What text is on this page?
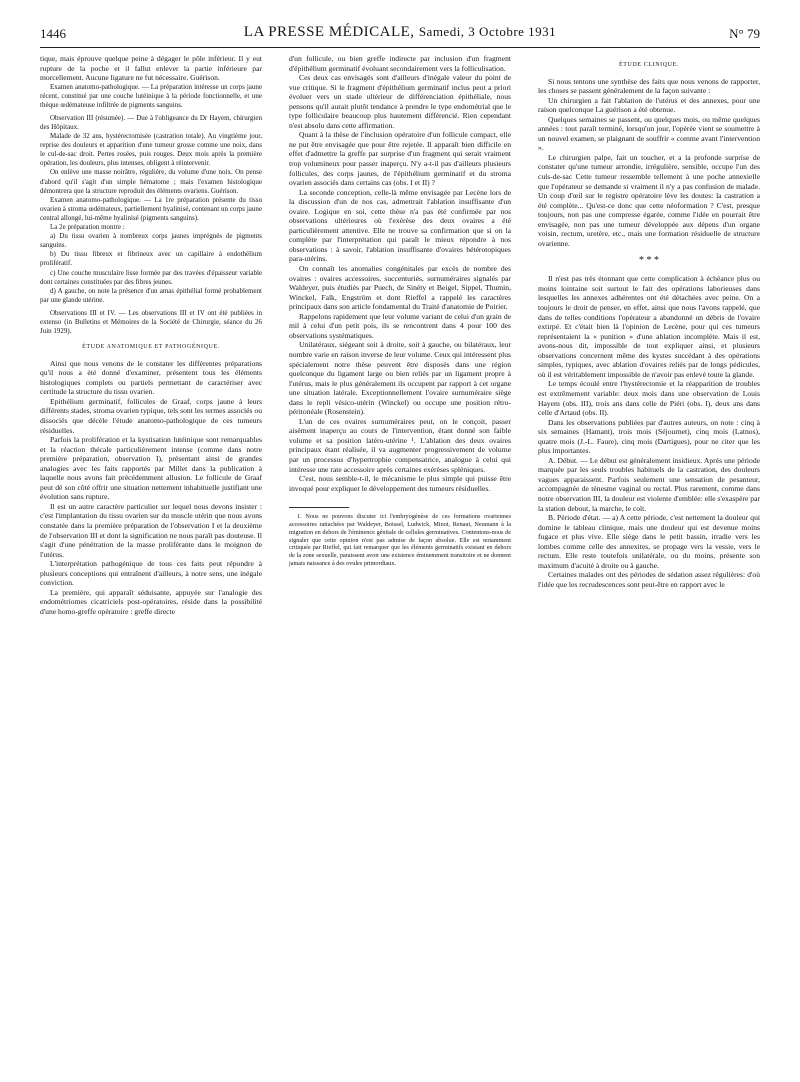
1446	LA PRESSE MÉDICALE, Samedi, 3 Octobre 1931	N° 79

tique, mais éprouve quelque peine à dégager le pôle inférieur. Il y eut rupture de la poche et il fallut enlever la partie inférieure par morcellement. Aucune ligature ne fut nécessaire. Guérison.

Examen anatomo-pathologique. — La préparation intéresse un corps jaune récent, constitué par une couche lutéinique à la période fonctionnelle, et une thèque œdémateuse infiltrée de pigments sanguins.

Observation III (résumée). — Due à l'obligeance du Dr Hayem, chirurgien des Hôpitaux.

Malade de 32 ans, hystérectomisée (castration totale). Au vingtième jour, reprise des douleurs et apparition d'une tumeur grosse comme une noix, dans le cul-de-sac droit. Pertes rosées, puis rouges. Deux mois après la première opération, les douleurs, plus intenses, obligent à réintervenir.

On enlève une masse noirâtre, régulière, du volume d'une noix. On pense d'abord qu'il s'agit d'un simple hématome ; mais l'examen histologique démontrera que la structure reproduit des éléments ovariens. Guérison.

Examen anatomo-pathologique. — La 1re préparation présente du tissu ovarien à stroma œdémateux, partiellement hyalinisé, contenant un corps jaune central allongé, lui-même hyalinisé (pigments sanguins).

La 2e préparation montre :

a) Du tissu ovarien à nombreux corps jaunes imprégnés de pigments sanguins.

b) Du tissu fibreux et fibrineux avec un capillaire à endothélium prolifératif.

c) Une couche musculaire lisse formée par des travées d'épaisseur variable dont certaines constituées par des fibres jeunes.

d) A gauche, on note la présence d'un amas épithélial formé probablement par une glande utérine.

Observations III et IV. — Les observations III et IV ont été publiées in extenso (in Bulletins et Mémoires de la Société de Chirurgie, séance du 26 Juin 1929).

ÉTUDE ANATOMIQUE ET PATHOGÉNIQUE.

Ainsi que nous venons de le constater les différentes préparations qu'il nous a été donné d'examiner, présentent tous les éléments histologiques complets ou partiels permettant de caractériser avec certitude la structure du tissu ovarien.

Epithélium germinatif, follicules de Graaf, corps jaune à leurs différents stades, stroma ovarien typique, tels sont les termes associés ou dissociés que décèle l'étude anatomo-pathologique de ces tumeurs résiduelles.

Parfois la prolifération et la kystisation lutéinique sont remarquables et la réaction thécale particulièrement intense (comme dans notre première préparation, observation I), présentant ainsi de grandes analogies avec les faits rapportés par Millet dans la publication à laquelle nous avons fait précédemment allusion. Le follicule de Graaf peut dé son côté offrir une situation nettement inhabituelle justifiant une évolution sans rupture.

Il est un autre caractère particulier sur lequel nous devons insister : c'est l'implantation du tissu ovarien sur du muscle utérin que nous avons constatée dans la première préparation de l'observation I et la deuxième de l'observation III et dont la signification ne nous paraît pas douteuse. Il s'agit d'une pénétration de la masse proliférante dans le moignon de l'utérus.

L'interprétation pathogénique de tous ces faits peut répondre à plusieurs conceptions qui entraînent d'ailleurs, à notre sens, une inégale conviction.

La première, qui apparaît séduisante, appuyée sur l'analogie des endométriomes cicatriciels post-opératoires, réside dans la possibilité d'une homo-greffe opératoire : greffe directe

d'un follicule, ou bien greffe indirecte par inclusion d'un fragment d'épithélium germinatif évoluant secondairement vers la folliculisation.

Ces deux cas envisagés sont d'ailleurs d'inégale valeur du point de vue critique. Si le fragment d'épithélium germinatif inclus peut a priori évoluer vers un stade ultérieur de différenciation épithéliale, nous pensons qu'il aurait plutôt tendance à prendre le type endométrial que le type folliculaire beaucoup plus hautement différencié. Rien cependant n'est absolu dans cette affirmation.

Quant à la thèse de l'inclusion opératoire d'un follicule compact, elle ne put être envisagée que pour être rejetée. Il apparaît bien difficile en effet d'admettre la greffe par surprise d'un fragment qui serait vraiment trop volumineux pour passer inaperçu. N'y a-t-il pas d'ailleurs plusieurs follicules, des corps jaunes, de l'épithélium germinatif et du stroma ovarien associés dans certains cas (obs. I et II) ?

La seconde conception, celle-là même envisagée par Lecène lors de la discussion d'un de nos cas, admettrait l'ablation insuffisante d'un ovaire. Logique en soi, cette thèse n'a pas été confirmée par nos observations ultérieures où l'exérèse des deux ovaires a été particulièrement attentive. Elle ne trouve sa confirmation que si on la complète par l'interprétation qui paraît le mieux répondre à nos observations : à savoir, l'ablation insuffisante d'ovaires hétérotopiques para-utérins.

On connaît les anomalies congénitales par excès de nombre des ovaires : ovaires accessoires, succenturiés, surnuméraires signalés par Waldeyer, puis étudiés par Puech, de Sinéty et Beigel, Sippel, Thumin, Winckel, Falk, Engström et dont Rieffel a rappelé les caractères principaux dans son article fondamental du Traité d'anatomie de Poirier.

Rappelons rapidement que leur volume variant de celui d'un grain de mil à celui d'un petit pois, ils se rencontrent dans 4 pour 100 des observations systématiques.

Unilatéraux, siégeant soit à droite, soit à gauche, ou bilatéraux, leur nombre varie en raison inverse de leur volume. Ceux qui intéressent plus spécialement notre thèse peuvent être disposés dans une région quelconque du ligament large ou bien reliés par un ligament propre à l'utérus, mais le plus généralement ils occupent par rapport à cet organe une situation latérale. Exceptionnellement l'ovaire surnuméraire siège dans le repli vésico-utérin (Winckel) ou occupe une position rétro-péritonéale (Rosenstein).

L'un de ces ovaires surnuméraires peut, on le conçoit, passer aisément inaperçu au cours de l'intervention, étant donné son faible volume et sa position latéro-utérine ¹. L'ablation des deux ovaires principaux étant réalisée, il va augmenter progressivement de volume par un processus d'hypertrophie compensatrice, analogue à celui qui intéresse une rate accessoire après certaines exérèses spléniques.

C'est, nous semble-t-il, le mécanisme le plus simple qui puisse être invoqué pour expliquer le développement des tumeurs résiduelles.

1. Nous ne pouvons discuter ici l'embryogénèse de ces formations ovariennes accessoires rattachées par Waldeyer, Boissel, Ludwick, Minot, Renaut, Neumann à la migration en dehors de l'éminence génitale de cellules germinatives. Contentons-nous de signaler que cette opinion n'est pas admise de façon absolue. Elle est notamment critiquée par Rieffel, qui fait remarquer que les éléments germinatifs existant en dehors de la zone sexuelle, paraissent avoir une existence éminemment transitoire et ne donnent jamais naissance à des ovules primordiaux.

ÉTUDE CLINIQUE.

Si nous tentons une synthèse des faits que nous venons de rapporter, les choses se passent généralement de la façon suivante :

Un chirurgien a fait l'ablation de l'utérus et des annexes, pour une raison quelconque La guérison a été obtenue.

Quelques semaines se passent, ou quelques mois, ou même quelques années : tout paraît terminé, lorsqu'un jour, l'opérée vient se soumettre à un nouvel examen, se plaignant de souffrir « comme avant l'intervention ».

Le chirurgien palpe, fait un toucher, et a la profonde surprise de constater qu'une tumeur arrondie, irrégulière, sensible, occupe l'un des culs-de-sac Cette tumeur ressemble tellement à une poche annexielle que l'opérateur se demande si vraiment il n'y a pas confusion de malade. Un coup d'œil sur le registre opératoire lève les doutes: la castration a été complète... Qu'est-ce donc que cette néoformation ? C'est, presque toujours, non pas une compresse égarée, comme l'idée en pourrait être envisagée, non pas une tumeur développée aux dépens d'un organe voisin, rectum, uretère, etc., mais une formation résiduelle de structure ovarienne.

* * *

Il n'est pas très étonnant que cette complication à échéance plus ou moins lointaine soit surtout le fait des opérations laborieuses dans lesquelles les annexes adhérentes ont été détachées avec peine. On a toujours le droit de penser, en effet, ainsi que nous l'avons rappelé, que dans de telles conditions l'opérateur a abandonné un débris de l'ovaire extirpé. Et c'était bien là l'opinion de Lecène, pour qui ces tumeurs représentaient la « punition » d'une ablation incomplète. Mais il est, avons-nous dit, impossible de tout expliquer ainsi, et plusieurs observations concernent même des kystes succédant à des opérations simples, typiques, avec ablation d'ovaires reliés par de longs pédicules, où il est véritablement impossible de n'avoir pas enlevé toute la glande.

Le temps écoulé entre l'hystérectomie et la réapparition de troubles est extrêmement variable: deux mois dans une observation de Louis Hayem (obs. III), trois ans dans celle de Piéri (obs. I), deux ans dans celle d'Artaud (obs. II).

Dans les observations publiées par d'autres auteurs, on note : cinq à six semaines (Hamant), trois mois (Séjournet), cinq mois (Latnos), quatre mois (J.-L. Faure), cinq mois (Dartigues), pour ne citer que les plus importantes.

A. Début. — Le début est généralement insidieux. Après une période marquée par les seuls troubles habituels de la castration, des douleurs vagues apparaissent. Parfois seulement une sensation de pesanteur, accompagnée de ténesme vaginal ou rectal. Plus rarement, comme dans notre observation III, la douleur est violente d'emblée: elle s'exaspère par la station debout, la marche, le coït.

B. Période d'état. — a) A cette période, c'est nettement la douleur qui domine le tableau clinique, mais une douleur qui est devenue moins fugace et plus vive. Elle siège dans le petit bassin, irradie vers les lombes comme celle des annexites, se propage vers la vessie, vers le rectum. Elle reste toutefois unilatérale, ou du moins, présente son maximum d'acuité à droite ou à gauche.

Certaines malades ont des périodes de sédation assez régulières: d'où l'idée que les recrudescences sont peut-être en rapport avec le
